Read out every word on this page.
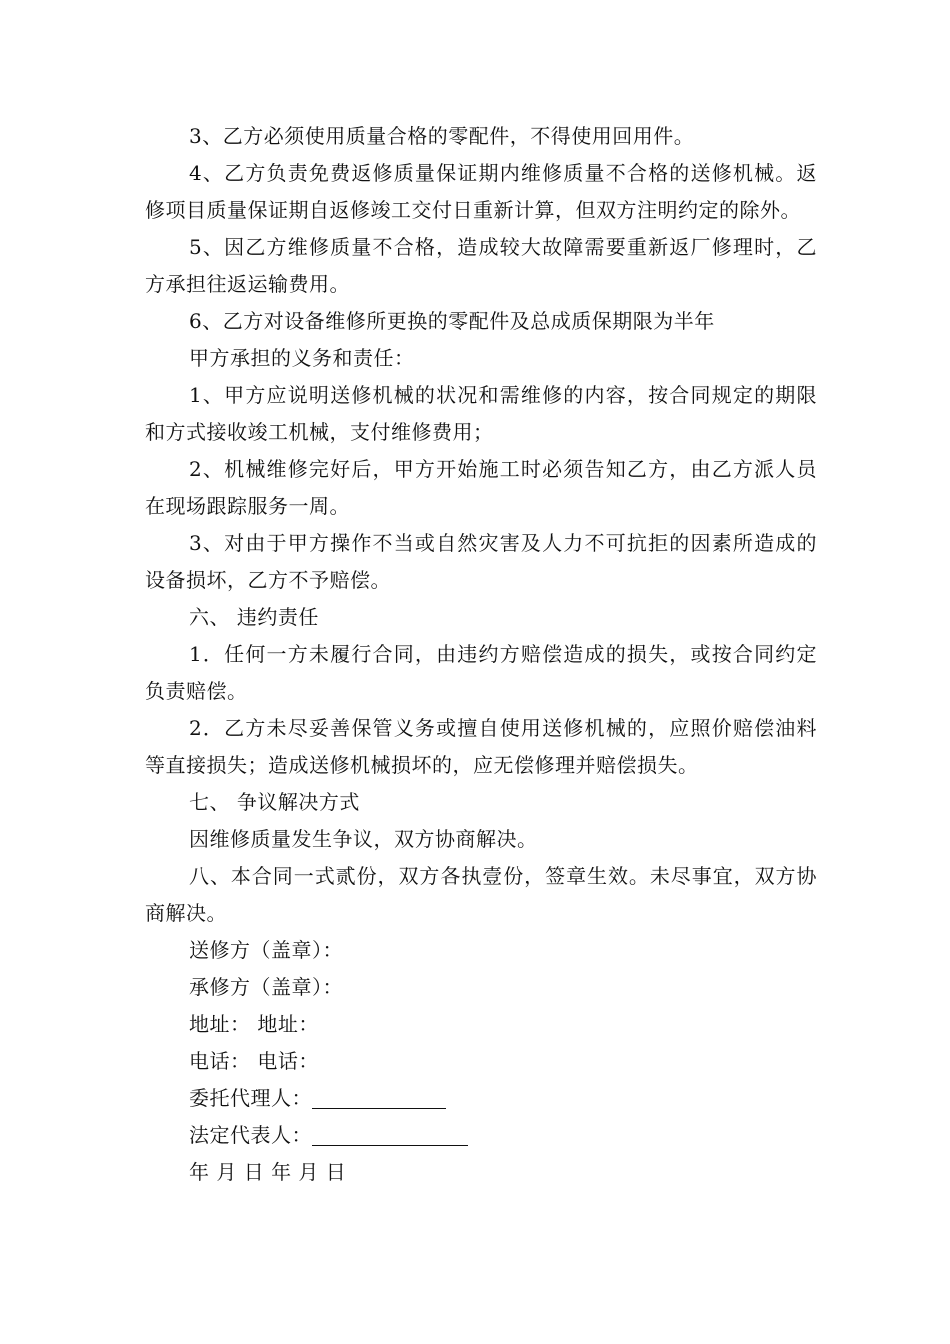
3、乙方必须使用质量合格的零配件，不得使用回用件。

4、乙方负责免费返修质量保证期内维修质量不合格的送修机械。返修项目质量保证期自返修竣工交付日重新计算，但双方注明约定的除外。

5、因乙方维修质量不合格，造成较大故障需要重新返厂修理时，乙方承担往返运输费用。

6、乙方对设备维修所更换的零配件及总成质保期限为半年

甲方承担的义务和责任：

1、甲方应说明送修机械的状况和需维修的内容，按合同规定的期限和方式接收竣工机械，支付维修费用；

2、机械维修完好后，甲方开始施工时必须告知乙方，由乙方派人员在现场跟踪服务一周。

3、对由于甲方操作不当或自然灾害及人力不可抗拒的因素所造成的设备损坏，乙方不予赔偿。

六、 违约责任

1．任何一方未履行合同，由违约方赔偿造成的损失，或按合同约定负责赔偿。

2．乙方未尽妥善保管义务或擅自使用送修机械的，应照价赔偿油料等直接损失；造成送修机械损坏的，应无偿修理并赔偿损失。

七、 争议解决方式

因维修质量发生争议，双方协商解决。

八、本合同一式贰份，双方各执壹份，签章生效。未尽事宜，双方协商解决。

送修方（盖章）：

承修方（盖章）：

地址： 地址：

电话： 电话：

委托代理人：

法定代表人：

年 月 日 年 月 日
